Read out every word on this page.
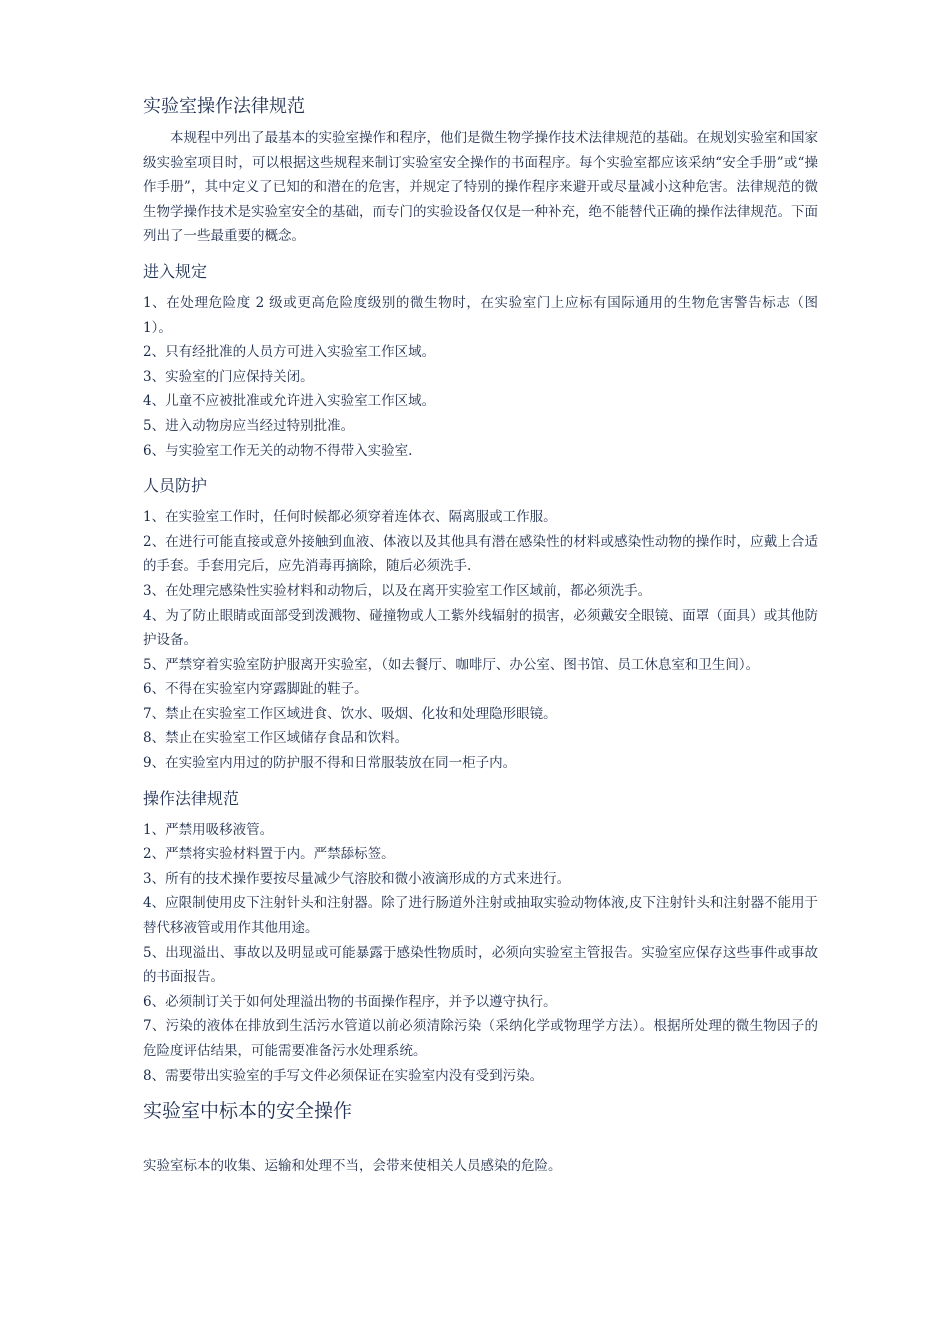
实验室操作法律规范

本规程中列出了最基本的实验室操作和程序，他们是微生物学操作技术法律规范的基础。在规划实验室和国家级实验室项目时，可以根据这些规程来制订实验室安全操作的书面程序。每个实验室都应该采纳“安全手册”或“操作手册”，其中定义了已知的和潜在的危害，并规定了特别的操作程序来避开或尽量减小这种危害。法律规范的微生物学操作技术是实验室安全的基础，而专门的实验设备仅仅是一种补充，绝不能替代正确的操作法律规范。下面列出了一些最重要的概念。

进入规定

1、在处理危险度 2 级或更高危险度级别的微生物时，在实验室门上应标有国际通用的生物危害警告标志（图 1）。

2、只有经批准的人员方可进入实验室工作区域。

3、实验室的门应保持关闭。

4、儿童不应被批准或允许进入实验室工作区域。

5、进入动物房应当经过特别批准。

6、与实验室工作无关的动物不得带入实验室.

人员防护

1、在实验室工作时，任何时候都必须穿着连体衣、隔离服或工作服。

2、在进行可能直接或意外接触到血液、体液以及其他具有潜在感染性的材料或感染性动物的操作时，应戴上合适的手套。手套用完后，应先消毒再摘除，随后必须洗手.

3、在处理完感染性实验材料和动物后，以及在离开实验室工作区域前，都必须洗手。

4、为了防止眼睛或面部受到泼溅物、碰撞物或人工紫外线辐射的损害，必须戴安全眼镜、面罩（面具）或其他防护设备。

5、严禁穿着实验室防护服离开实验室，（如去餐厅、咖啡厅、办公室、图书馆、员工休息室和卫生间）。

6、不得在实验室内穿露脚趾的鞋子。

7、禁止在实验室工作区域进食、饮水、吸烟、化妆和处理隐形眼镜。

8、禁止在实验室工作区域储存食品和饮料。

9、在实验室内用过的防护服不得和日常服装放在同一柜子内。

操作法律规范

1、严禁用吸移液管。

2、严禁将实验材料置于内。严禁舔标签。

3、所有的技术操作要按尽量减少气溶胶和微小液滴形成的方式来进行。

4、应限制使用皮下注射针头和注射器。除了进行肠道外注射或抽取实验动物体液,皮下注射针头和注射器不能用于替代移液管或用作其他用途。

5、出现溢出、事故以及明显或可能暴露于感染性物质时，必须向实验室主管报告。实验室应保存这些事件或事故的书面报告。

6、必须制订关于如何处理溢出物的书面操作程序，并予以遵守执行。

7、污染的液体在排放到生活污水管道以前必须清除污染（采纳化学或物理学方法）。根据所处理的微生物因子的危险度评估结果，可能需要准备污水处理系统。

8、需要带出实验室的手写文件必须保证在实验室内没有受到污染。

实验室中标本的安全操作

实验室标本的收集、运输和处理不当，会带来使相关人员感染的危险。
